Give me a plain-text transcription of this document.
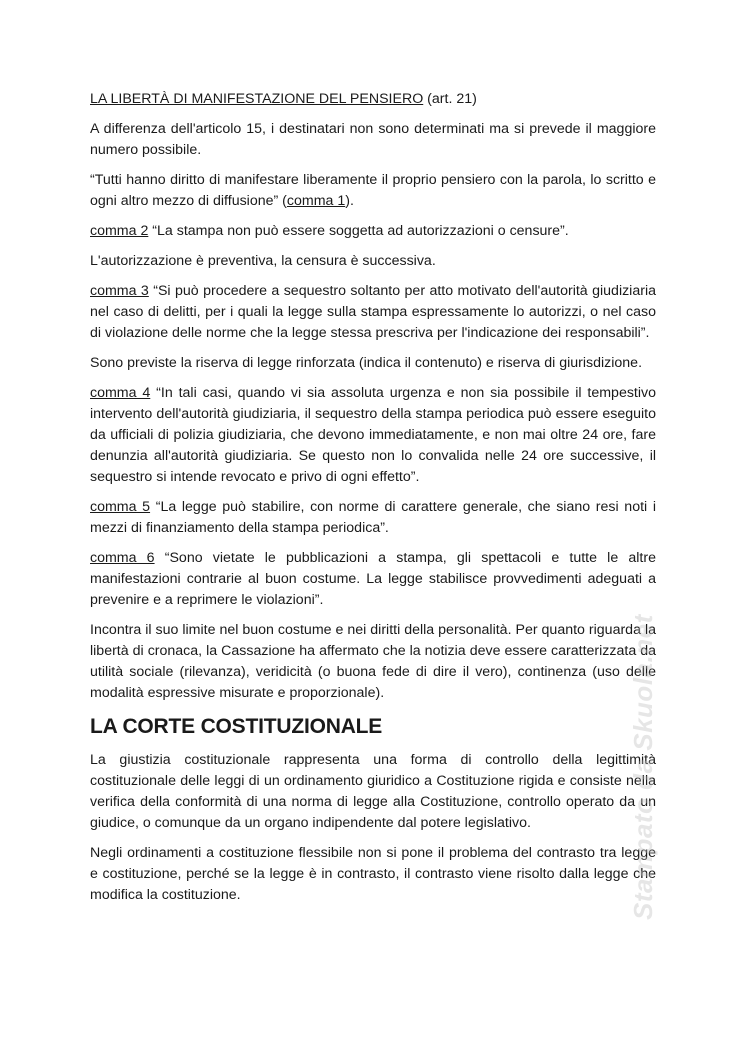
LA LIBERTÀ DI MANIFESTAZIONE DEL PENSIERO (art. 21)

A differenza dell'articolo 15, i destinatari non sono determinati ma si prevede il maggiore numero possibile.

“Tutti hanno diritto di manifestare liberamente il proprio pensiero con la parola, lo scritto e ogni altro mezzo di diffusione” (comma 1).

comma 2 “La stampa non può essere soggetta ad autorizzazioni o censure”.

L'autorizzazione è preventiva, la censura è successiva.

comma 3 “Si può procedere a sequestro soltanto per atto motivato dell'autorità giudiziaria nel caso di delitti, per i quali la legge sulla stampa espressamente lo autorizzi, o nel caso di violazione delle norme che la legge stessa prescriva per l'indicazione dei responsabili”.

Sono previste la riserva di legge rinforzata (indica il contenuto) e riserva di giurisdizione.

comma 4 “In tali casi, quando vi sia assoluta urgenza e non sia possibile il tempestivo intervento dell'autorità giudiziaria, il sequestro della stampa periodica può essere eseguito da ufficiali di polizia giudiziaria, che devono immediatamente, e non mai oltre 24 ore, fare denunzia all'autorità giudiziaria. Se questo non lo convalida nelle 24 ore successive, il sequestro si intende revocato e privo di ogni effetto”.

comma 5 “La legge può stabilire, con norme di carattere generale, che siano resi noti i mezzi di finanziamento della stampa periodica”.

comma 6 “Sono vietate le pubblicazioni a stampa, gli spettacoli e tutte le altre manifestazioni contrarie al buon costume. La legge stabilisce provvedimenti adeguati a prevenire e a reprimere le violazioni”.

Incontra il suo limite nel buon costume e nei diritti della personalità. Per quanto riguarda la libertà di cronaca, la Cassazione ha affermato che la notizia deve essere caratterizzata da utilità sociale (rilevanza), veridicità (o buona fede di dire il vero), continenza (uso delle modalità espressive misurate e proporzionale).

LA CORTE COSTITUZIONALE

La giustizia costituzionale rappresenta una forma di controllo della legittimità costituzionale delle leggi di un ordinamento giuridico a Costituzione rigida e consiste nella verifica della conformità di una norma di legge alla Costituzione, controllo operato da un giudice, o comunque da un organo indipendente dal potere legislativo.

Negli ordinamenti a costituzione flessibile non si pone il problema del contrasto tra legge e costituzione, perché se la legge è in contrasto, il contrasto viene risolto dalla legge che modifica la costituzione.	Stampato da Skuola.net
